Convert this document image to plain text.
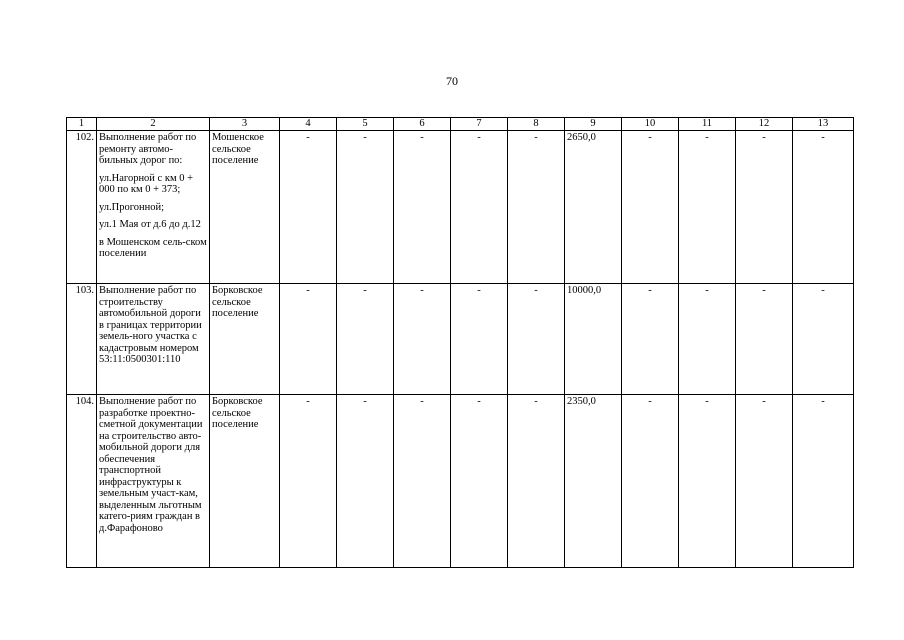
70
1	2	3	4	5	6	7	8	9	10	11	12	13
102.	Выполнение работ по ремонту автомо-бильных дорог по:

ул.Нагорной с км 0 + 000 по км 0 + 373;

ул.Прогонной;

ул.1 Мая от д.6 до д.12

в Мошенском сель-ском поселении	Мошенское сельское поселение	-	-	-	-	-	2650,0	-	-	-	-
103.	Выполнение работ по строительству автомобильной дороги в границах территории земель-ного участка с кадастровым номером 53:11:0500301:110	Борковское сельское поселение	-	-	-	-	-	10000,0	-	-	-	-
104.	Выполнение работ по разработке проектно-сметной документации на строительство авто-мобильной дороги для обеспечения транспортной инфраструктуры к земельным участ-кам, выделенным льготным катего-риям граждан в д.Фарафоново	Борковское сельское поселение	-	-	-	-	-	2350,0	-	-	-	-
